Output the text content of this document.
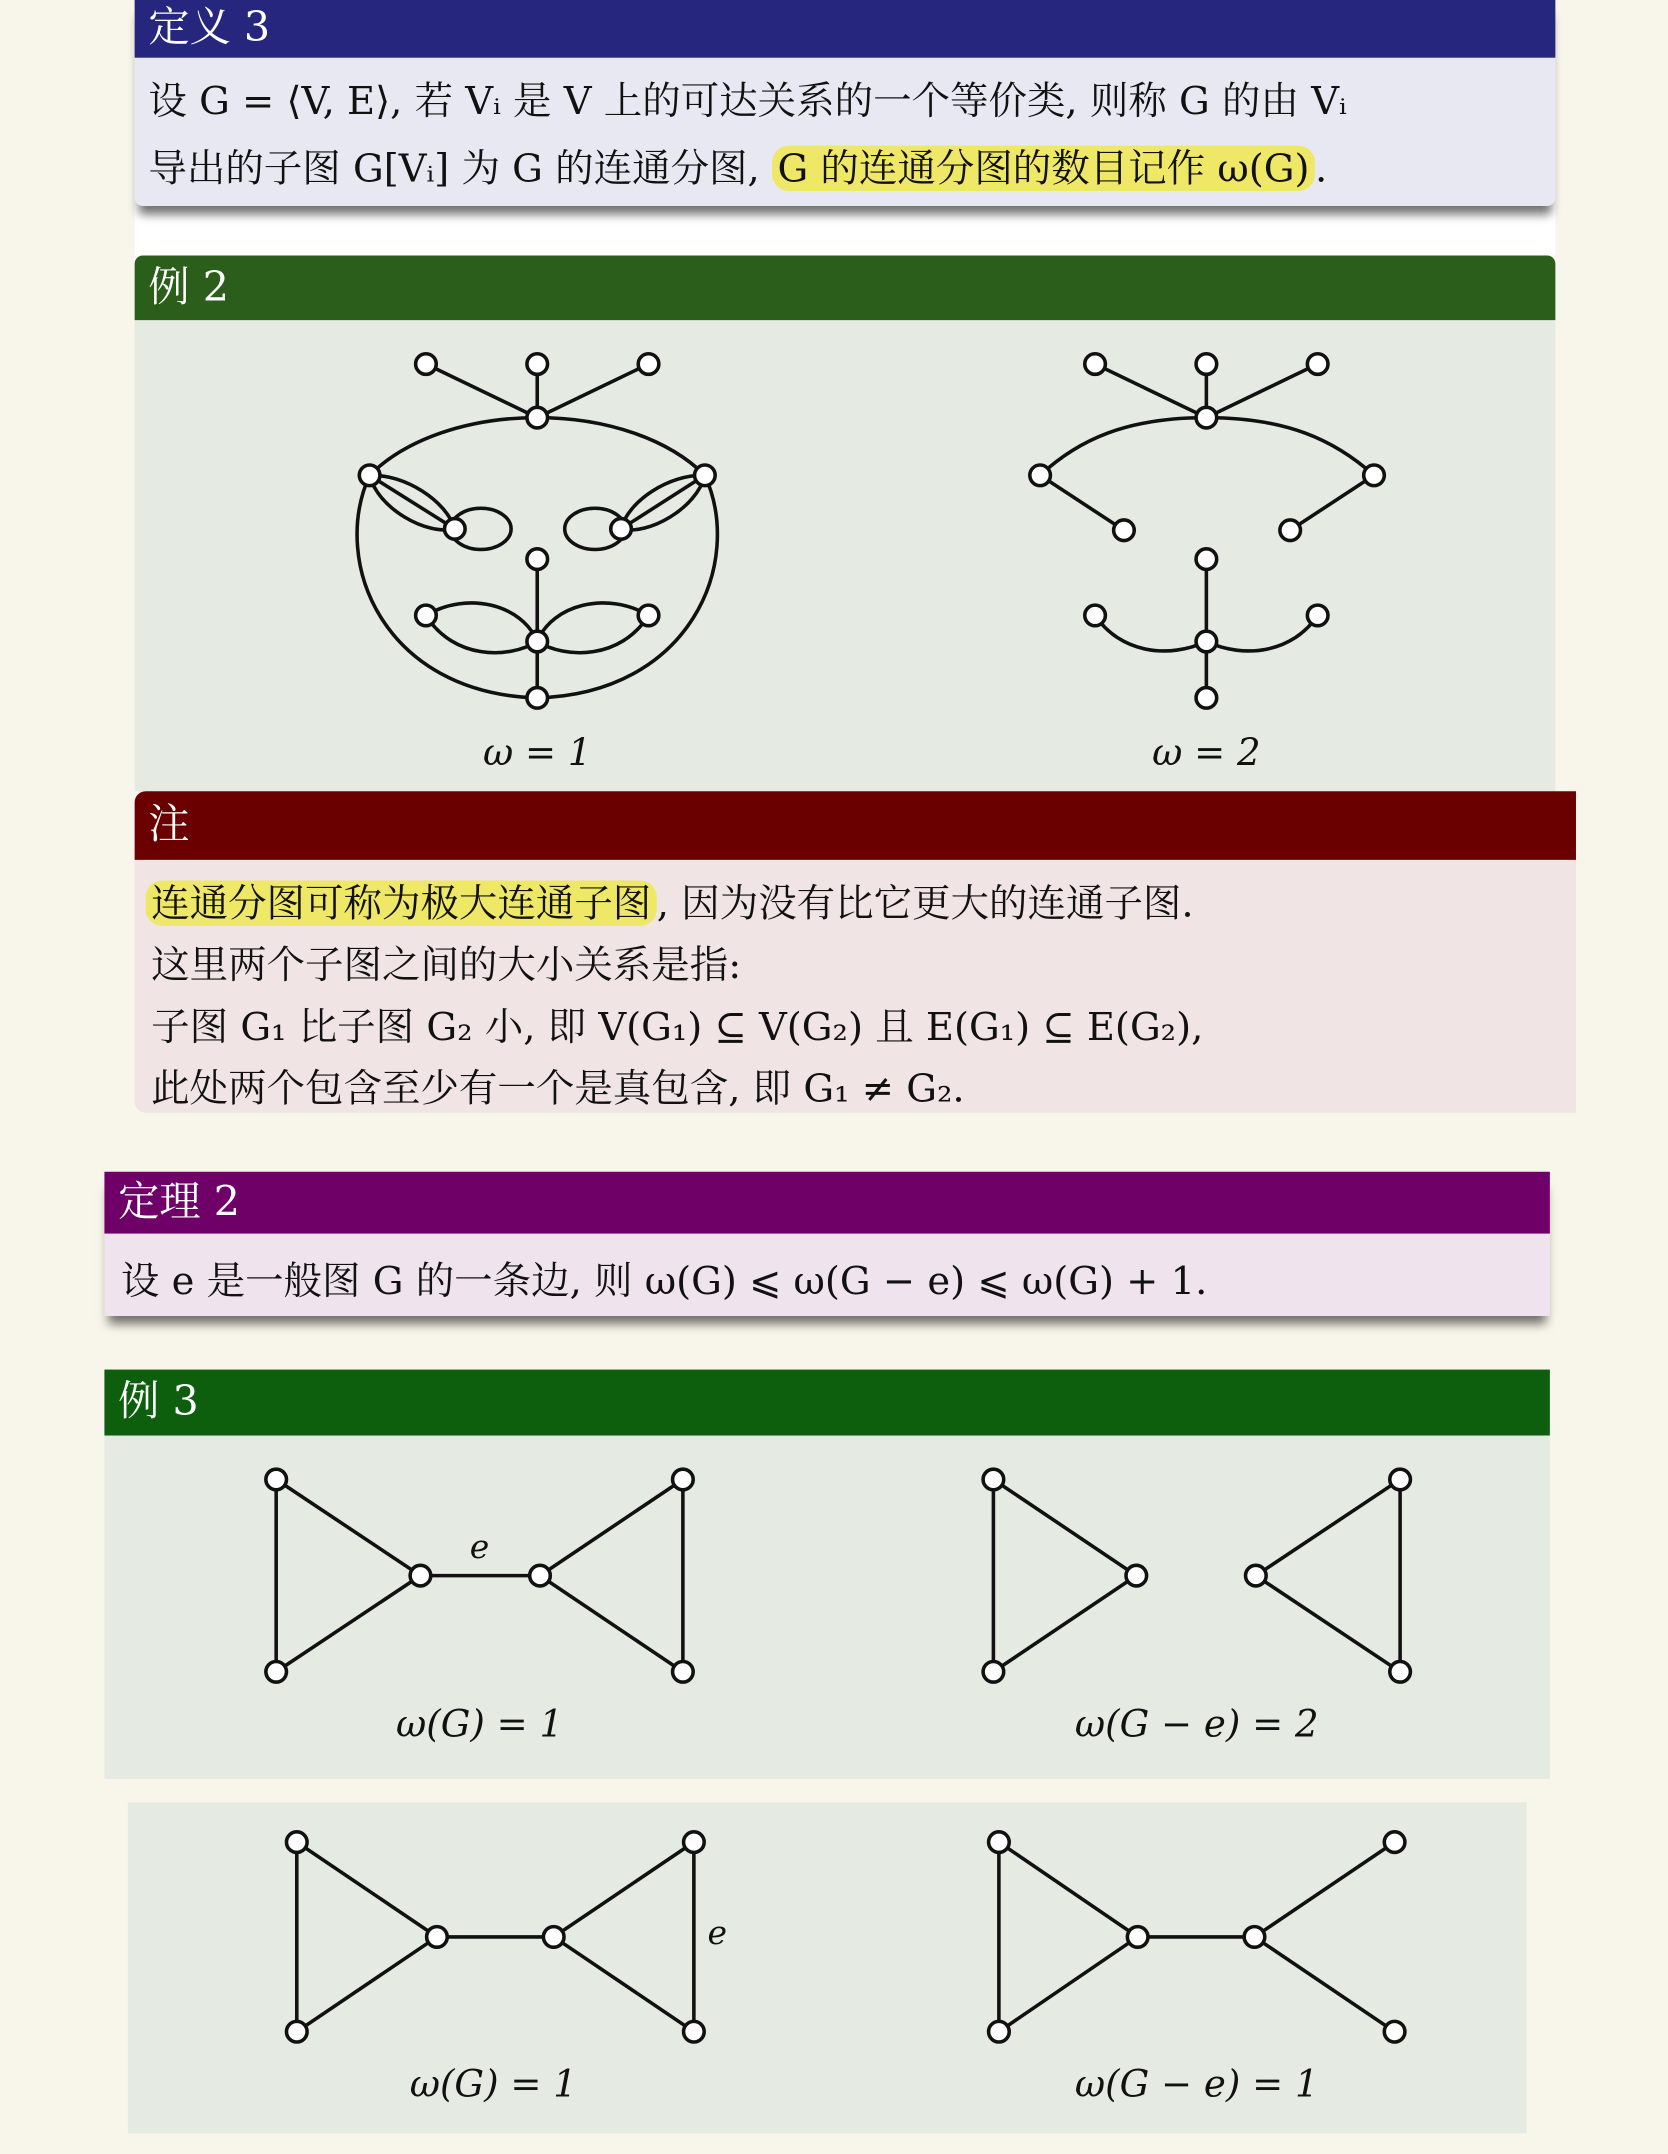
定义 3
设 G = ⟨V, E⟩, 若 Vᵢ 是 V 上的可达关系的一个等价类, 则称 G 的由 Vᵢ
导出的子图 G[Vᵢ] 为 G 的连通分图, G 的连通分图的数目记作 ω(G) .
例 2
ω = 1	ω = 2
注
连通分图可称为极大连通子图 , 因为没有比它更大的连通子图.
这里两个子图之间的大小关系是指:
子图 G₁ 比子图 G₂ 小, 即 V(G₁) ⊆ V(G₂) 且 E(G₁) ⊆ E(G₂),
此处两个包含至少有一个是真包含, 即 G₁ ≠ G₂.
定理 2
设 e 是一般图 G 的一条边, 则 ω(G) ⩽ ω(G − e) ⩽ ω(G) + 1.
例 3
e
e
ω(G) = 1	ω(G − e) = 2
ω(G) = 1	ω(G − e) = 1
